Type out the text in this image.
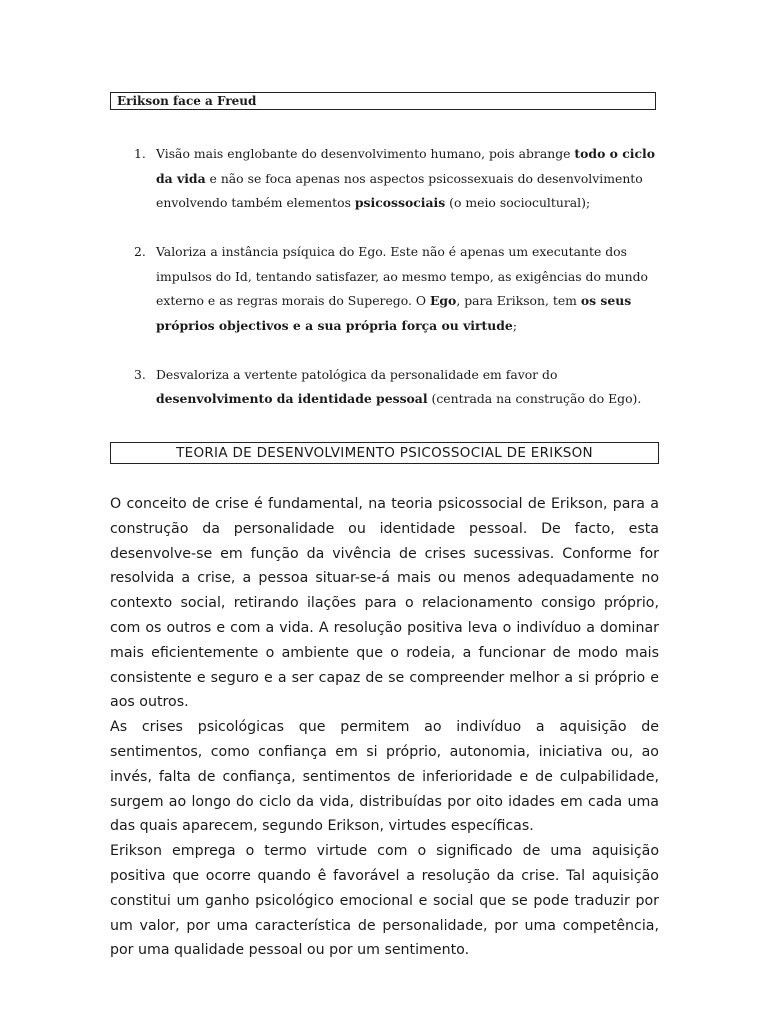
Erikson face a Freud
1. Visão mais englobante do desenvolvimento humano, pois abrange todo o ciclo da vida e não se foca apenas nos aspectos psicossexuais do desenvolvimento envolvendo também elementos psicossociais (o meio sociocultural);
2. Valoriza a instância psíquica do Ego. Este não é apenas um executante dos impulsos do Id, tentando satisfazer, ao mesmo tempo, as exigências do mundo externo e as regras morais do Superego. O Ego, para Erikson, tem os seus próprios objectivos e a sua própria força ou virtude;
3. Desvaloriza a vertente patológica da personalidade em favor do desenvolvimento da identidade pessoal (centrada na construção do Ego).
TEORIA DE DESENVOLVIMENTO PSICOSSOCIAL DE ERIKSON

O conceito de crise é fundamental, na teoria psicossocial de Erikson, para a construção da personalidade ou identidade pessoal. De facto, esta desenvolve-se em função da vivência de crises sucessivas. Conforme for resolvida a crise, a pessoa situar-se-á mais ou menos adequadamente no contexto social, retirando ilações para o relacionamento consigo próprio, com os outros e com a vida. A resolução positiva leva o indivíduo a dominar mais eficientemente o ambiente que o rodeia, a funcionar de modo mais consistente e seguro e a ser capaz de se compreender melhor a si próprio e aos outros.

As crises psicológicas que permitem ao indivíduo a aquisição de sentimentos, como confiança em si próprio, autonomia, iniciativa ou, ao invés, falta de confiança, sentimentos de inferioridade e de culpabilidade, surgem ao longo do ciclo da vida, distribuídas por oito idades em cada uma das quais aparecem, segundo Erikson, virtudes específicas.

Erikson emprega o termo virtude com o significado de uma aquisição positiva que ocorre quando ê favorável a resolução da crise. Tal aquisição constitui um ganho psicológico emocional e social que se pode traduzir por um valor, por uma característica de personalidade, por uma competência, por uma qualidade pessoal ou por um sentimento.
